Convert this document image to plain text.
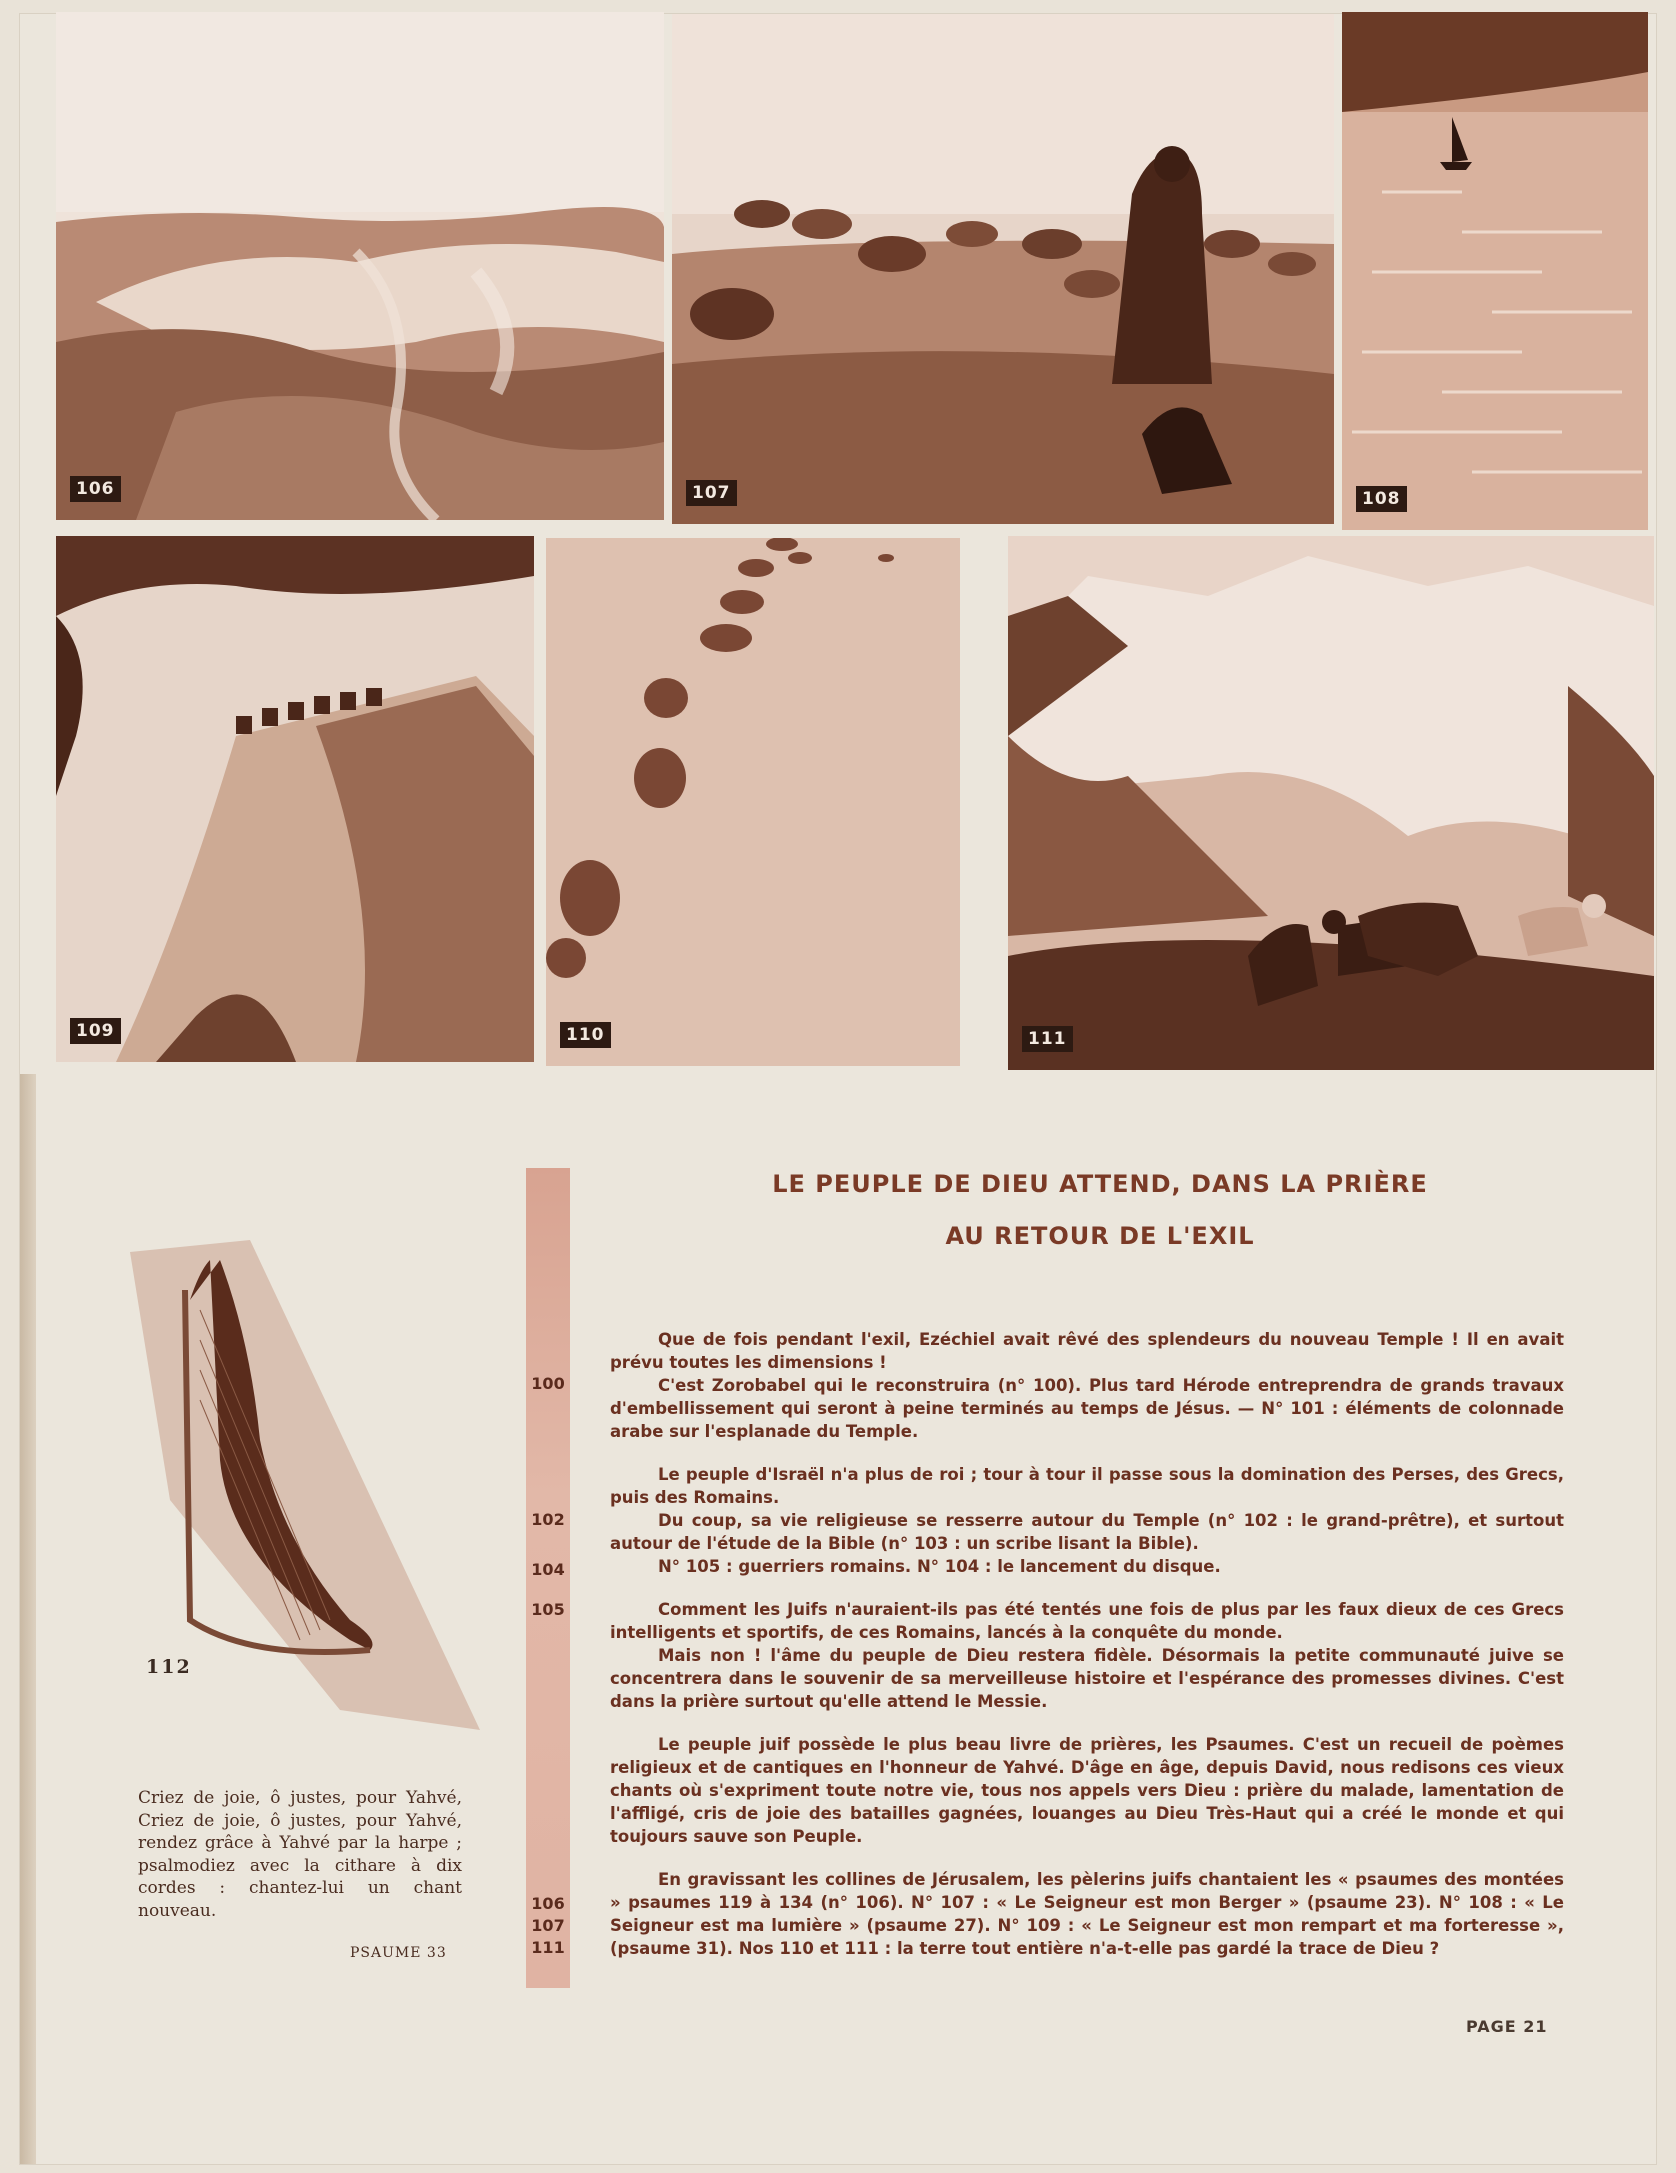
106	107	108
109	110	111
LE PEUPLE DE DIEU ATTEND, DANS LA PRIÈRE
AU RETOUR DE L'EXIL
112
Criez de joie, ô justes, pour Yahvé, Criez de joie, ô justes, pour Yahvé, rendez grâce à Yahvé par la harpe ; psalmodiez avec la cithare à dix cordes : chantez-lui un chant nouveau.
PSAUME 33
100
102
104
105
106
107
111

Que de fois pendant l'exil, Ezéchiel avait rêvé des splendeurs du nouveau Temple ! Il en avait prévu toutes les dimensions !

C'est Zorobabel qui le reconstruira (n° 100). Plus tard Hérode entreprendra de grands travaux d'embellissement qui seront à peine terminés au temps de Jésus. — N° 101 : éléments de colonnade arabe sur l'esplanade du Temple.

Le peuple d'Israël n'a plus de roi ; tour à tour il passe sous la domination des Perses, des Grecs, puis des Romains.

Du coup, sa vie religieuse se resserre autour du Temple (n° 102 : le grand-prêtre), et surtout autour de l'étude de la Bible (n° 103 : un scribe lisant la Bible).

N° 105 : guerriers romains. N° 104 : le lancement du disque.

Comment les Juifs n'auraient-ils pas été tentés une fois de plus par les faux dieux de ces Grecs intelligents et sportifs, de ces Romains, lancés à la conquête du monde.

Mais non ! l'âme du peuple de Dieu restera fidèle. Désormais la petite communauté juive se concentrera dans le souvenir de sa merveilleuse histoire et l'espérance des promesses divines. C'est dans la prière surtout qu'elle attend le Messie.

Le peuple juif possède le plus beau livre de prières, les Psaumes. C'est un recueil de poèmes religieux et de cantiques en l'honneur de Yahvé. D'âge en âge, depuis David, nous redisons ces vieux chants où s'expriment toute notre vie, tous nos appels vers Dieu : prière du malade, lamentation de l'affligé, cris de joie des batailles gagnées, louanges au Dieu Très-Haut qui a créé le monde et qui toujours sauve son Peuple.

En gravissant les collines de Jérusalem, les pèlerins juifs chantaient les « psaumes des montées » psaumes 119 à 134 (n° 106). N° 107 : « Le Seigneur est mon Berger » (psaume 23). N° 108 : « Le Seigneur est ma lumière » (psaume 27). N° 109 : « Le Seigneur est mon rempart et ma forteresse », (psaume 31). Nos 110 et 111 : la terre tout entière n'a-t-elle pas gardé la trace de Dieu ?

PAGE 21
